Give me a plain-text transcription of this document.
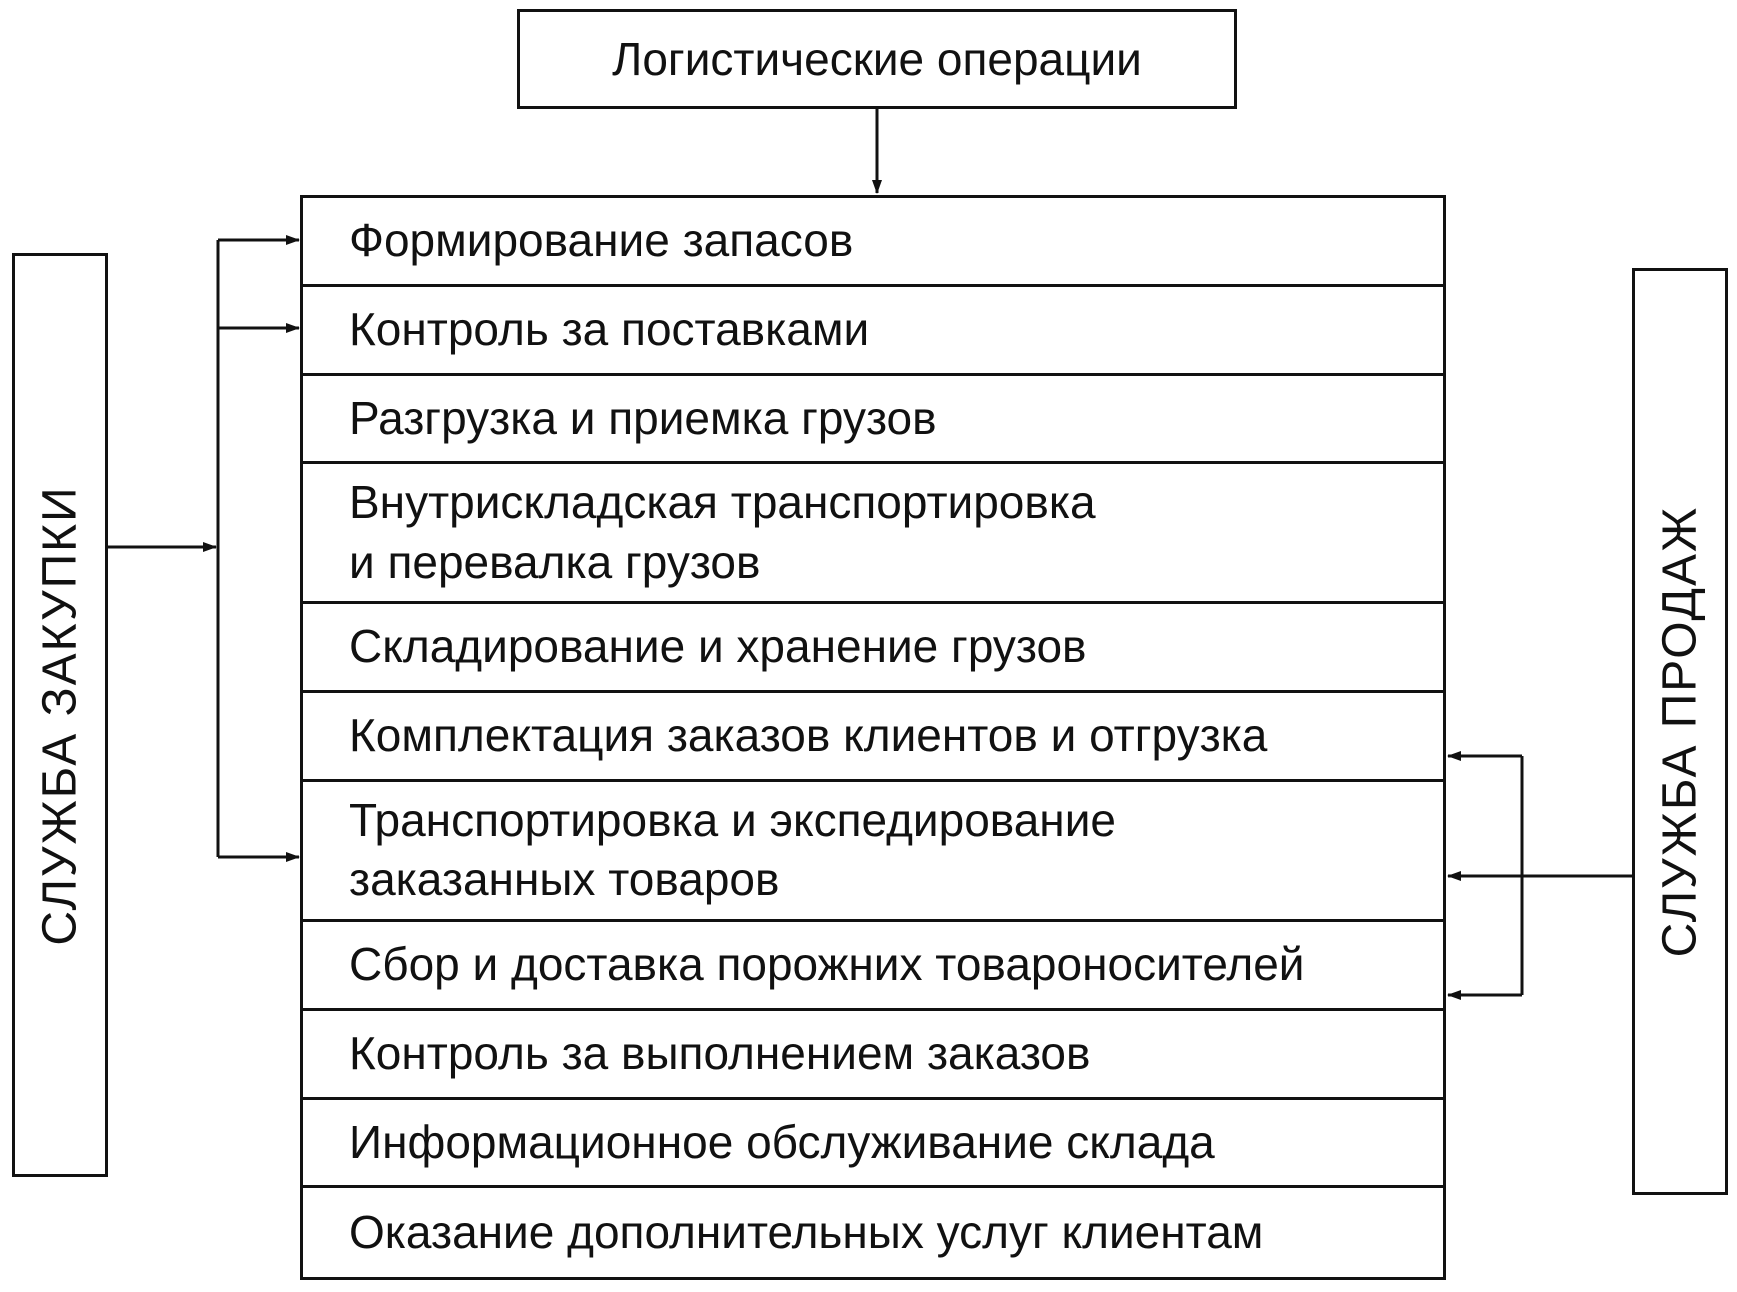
Логистические операции
Формирование запасов
Контроль за поставками
Разгрузка и приемка грузов
Внутрискладская транспортировка
и перевалка грузов
Складирование и хранение грузов
Комплектация заказов клиентов и отгрузка
Транспортировка и экспедирование
заказанных товаров
Сбор и доставка порожних товароносителей
Контроль за выполнением заказов
Информационное обслуживание склада
Оказание дополнительных услуг клиентам
СЛУЖБА ЗАКУПКИ	СЛУЖБА ПРОДАЖ
